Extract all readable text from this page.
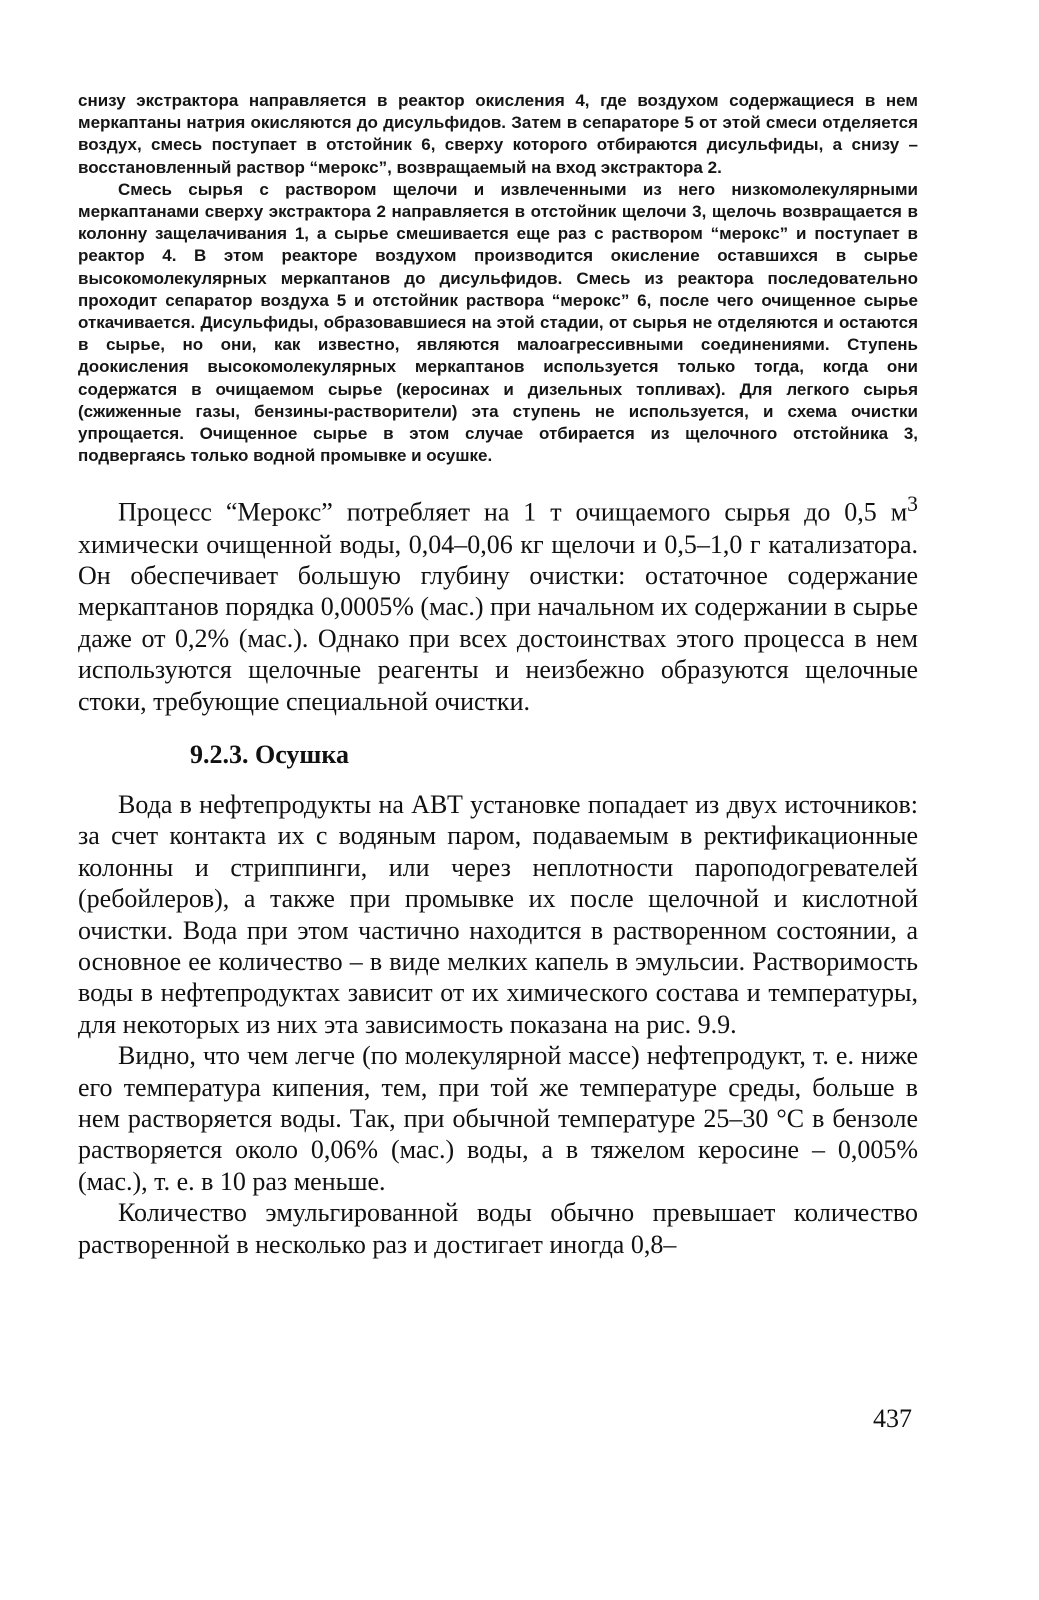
снизу экстрактора направляется в реактор окисления 4, где воздухом содержащиеся в нем меркаптаны натрия окисляются до дисульфидов. Затем в сепараторе 5 от этой смеси отделяется воздух, смесь поступает в отстойник 6, сверху которого отбираются дисульфиды, а снизу – восстановленный раствор “мерокс”, возвращаемый на вход экстрактора 2.

Смесь сырья с раствором щелочи и извлеченными из него низкомолекулярными меркаптанами сверху экстрактора 2 направляется в отстойник щелочи 3, щелочь возвращается в колонну защелачивания 1, а сырье смешивается еще раз с раствором “мерокс” и поступает в реактор 4. В этом реакторе воздухом производится окисление оставшихся в сырье высокомолекулярных меркаптанов до дисульфидов. Смесь из реактора последовательно проходит сепаратор воздуха 5 и отстойник раствора “мерокс” 6, после чего очищенное сырье откачивается. Дисульфиды, образовавшиеся на этой стадии, от сырья не отделяются и остаются в сырье, но они, как известно, являются малоагрессивными соединениями. Ступень доокисления высокомолекулярных меркаптанов используется только тогда, когда они содержатся в очищаемом сырье (керосинах и дизельных топливах). Для легкого сырья (сжиженные газы, бензины-растворители) эта ступень не используется, и схема очистки упрощается. Очищенное сырье в этом случае отбирается из щелочного отстойника 3, подвергаясь только водной промывке и осушке.

Процесс “Мерокс” потребляет на 1 т очищаемого сырья до 0,5 $м^3$ химически очищенной воды, 0,04–0,06 кг щелочи и 0,5–1,0 г катализатора. Он обеспечивает большую глубину очистки: остаточное содержание меркаптанов порядка 0,0005% (мас.) при начальном их содержании в сырье даже от 0,2% (мас.). Однако при всех достоинствах этого процесса в нем используются щелочные реагенты и неизбежно образуются щелочные стоки, требующие специальной очистки.

9.2.3. Осушка

Вода в нефтепродукты на АВТ установке попадает из двух источников: за счет контакта их с водяным паром, подаваемым в ректификационные колонны и стриппинги, или через неплотности пароподогревателей (ребойлеров), а также при промывке их после щелочной и кислотной очистки. Вода при этом частично находится в растворенном состоянии, а основное ее количество – в виде мелких капель в эмульсии. Растворимость воды в нефтепродуктах зависит от их химического состава и температуры, для некоторых из них эта зависимость показана на рис. 9.9.

Видно, что чем легче (по молекулярной массе) нефтепродукт, т. е. ниже его температура кипения, тем, при той же температуре среды, больше в нем растворяется воды. Так, при обычной температуре 25–30 °С в бензоле растворяется около 0,06% (мас.) воды, а в тяжелом керосине – 0,005% (мас.), т. е. в 10 раз меньше.

Количество эмульгированной воды обычно превышает количество растворенной в несколько раз и достигает иногда 0,8–

437
